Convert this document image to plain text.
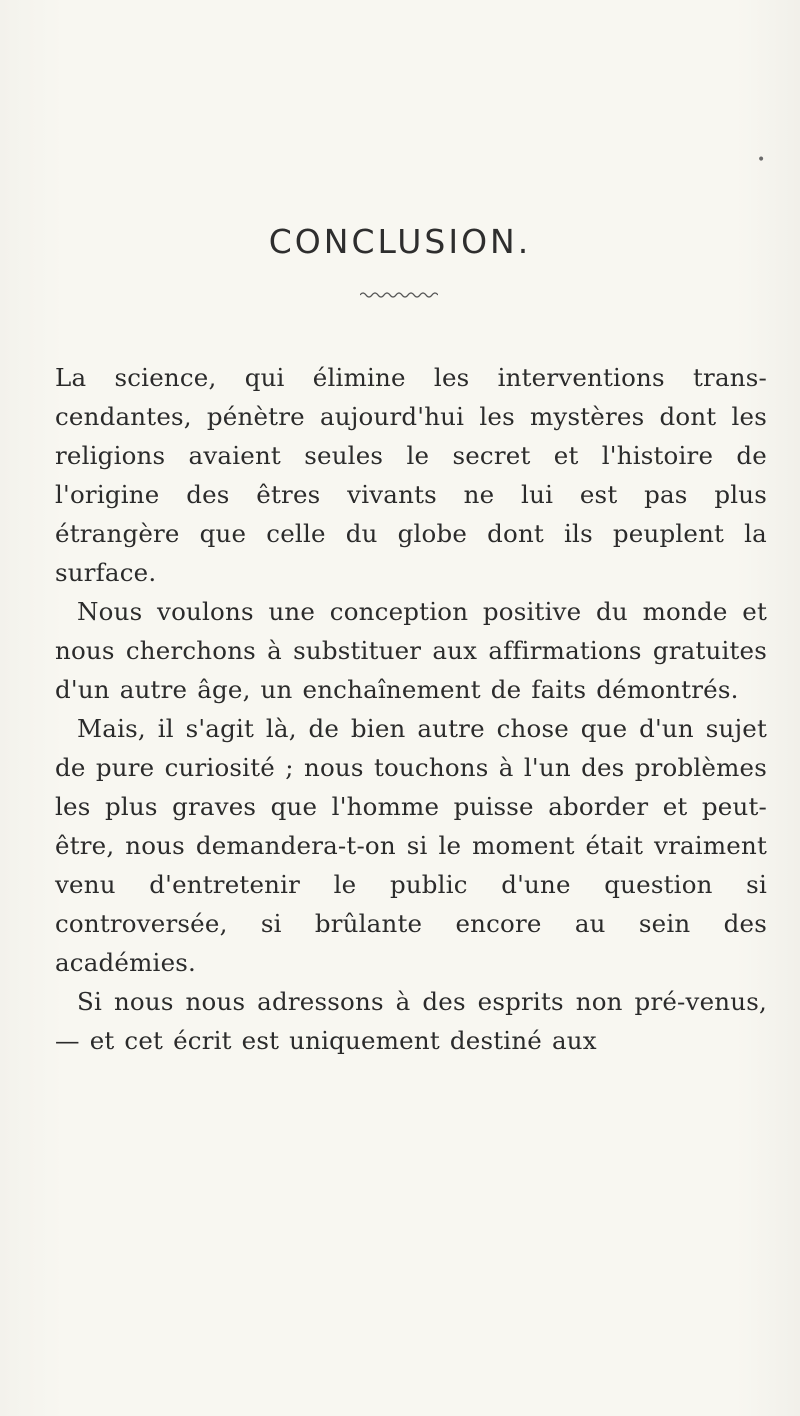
•
CONCLUSION.

La science, qui élimine les interventions trans-cendantes, pénètre aujourd'hui les mystères dont les religions avaient seules le secret et l'histoire de l'origine des êtres vivants ne lui est pas plus étrangère que celle du globe dont ils peuplent la surface.

Nous voulons une conception positive du monde et nous cherchons à substituer aux affirmations gratuites d'un autre âge, un enchaînement de faits démontrés.

Mais, il s'agit là, de bien autre chose que d'un sujet de pure curiosité ; nous touchons à l'un des problèmes les plus graves que l'homme puisse aborder et peut-être, nous demandera-t-on si le moment était vraiment venu d'entretenir le public d'une question si controversée, si brûlante encore au sein des académies.

Si nous nous adressons à des esprits non pré-venus, — et cet écrit est uniquement destiné aux
